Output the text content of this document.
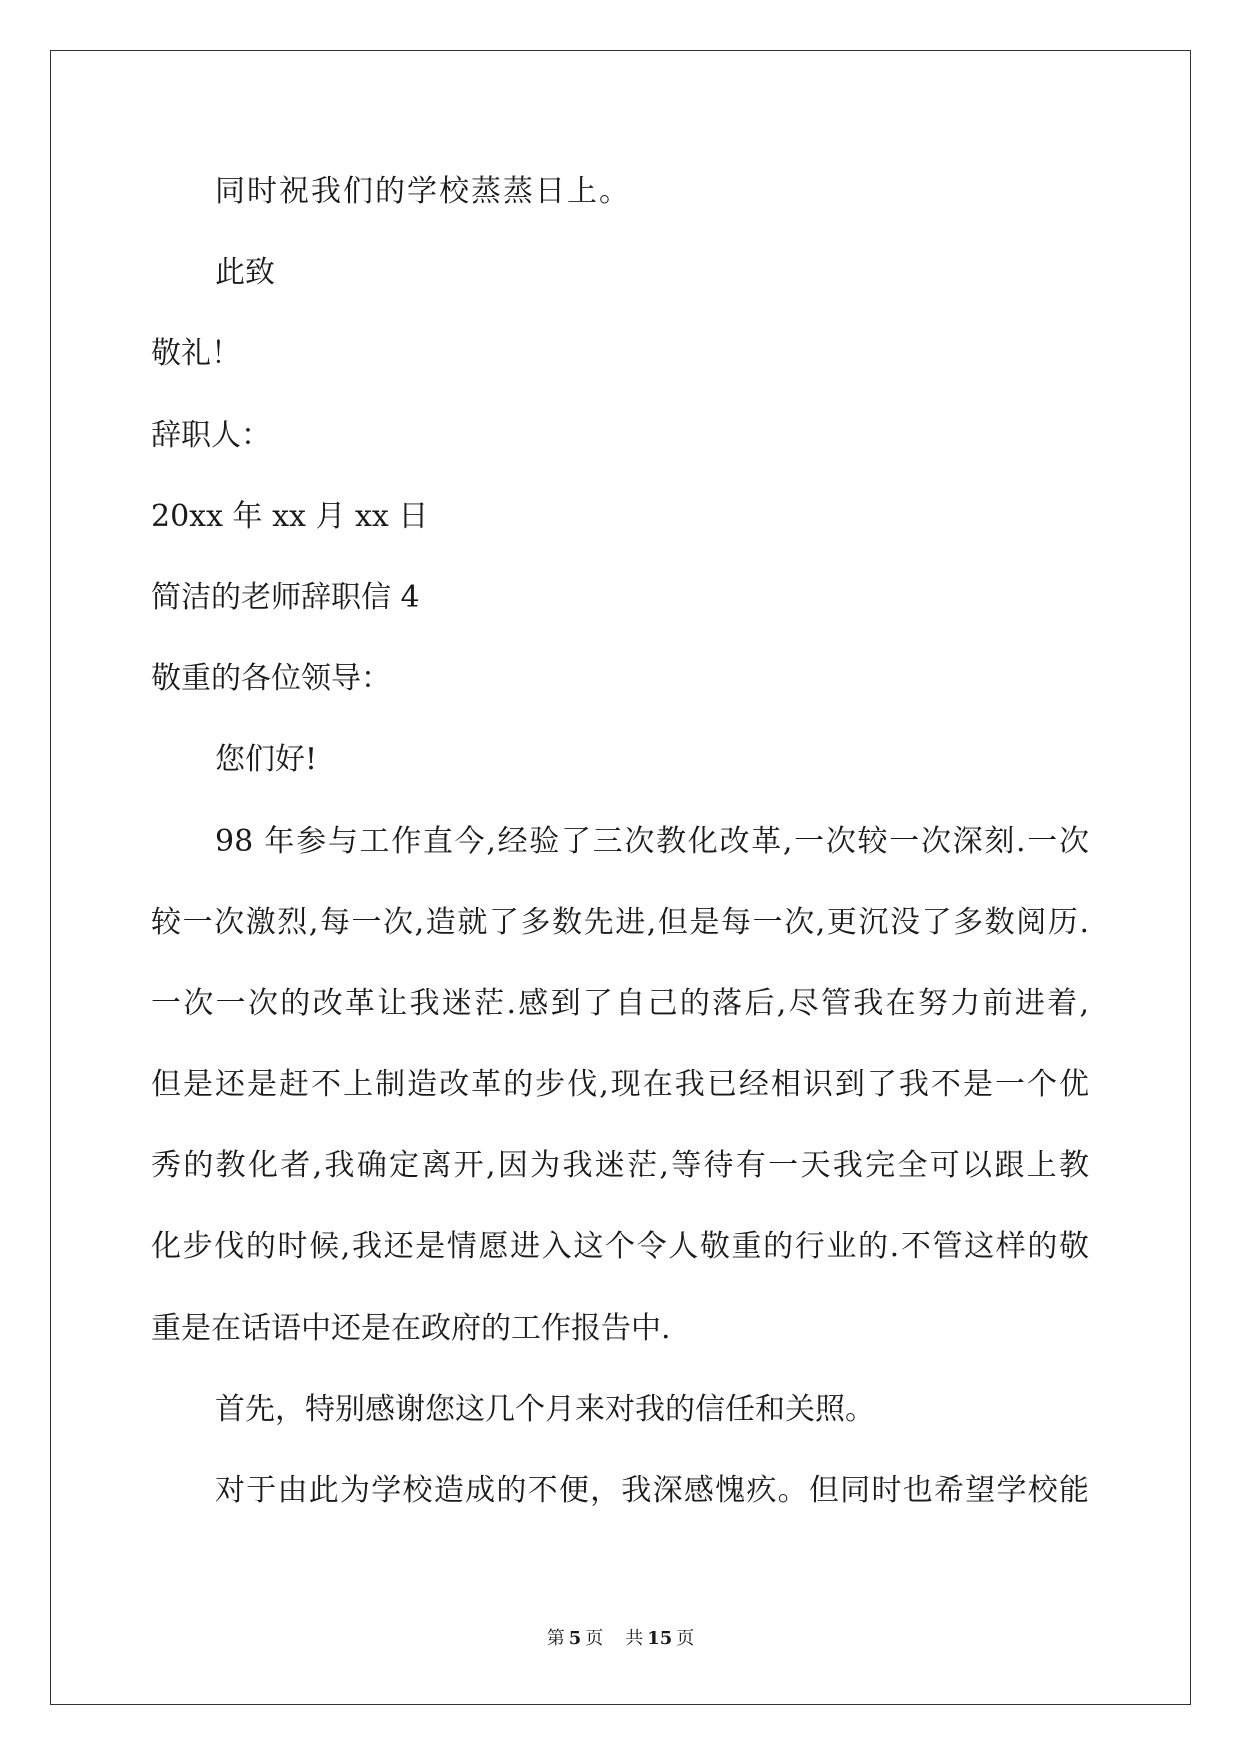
同时祝我们的学校蒸蒸日上。
此致
敬礼！
辞职人：
20xx 年 xx 月 xx 日
简洁的老师辞职信 4
敬重的各位领导：
您们好!
98 年参与工作直今,经验了三次教化改革,一次较一次深刻.一次
较一次激烈,每一次,造就了多数先进,但是每一次,更沉没了多数阅历.
一次一次的改革让我迷茫.感到了自己的落后,尽管我在努力前进着,
但是还是赶不上制造改革的步伐,现在我已经相识到了我不是一个优
秀的教化者,我确定离开,因为我迷茫,等待有一天我完全可以跟上教
化步伐的时候,我还是情愿进入这个令人敬重的行业的.不管这样的敬
重是在话语中还是在政府的工作报告中.
首先，特别感谢您这几个月来对我的信任和关照。
对于由此为学校造成的不便，我深感愧疚。但同时也希望学校能
第 5 页 共 15 页
